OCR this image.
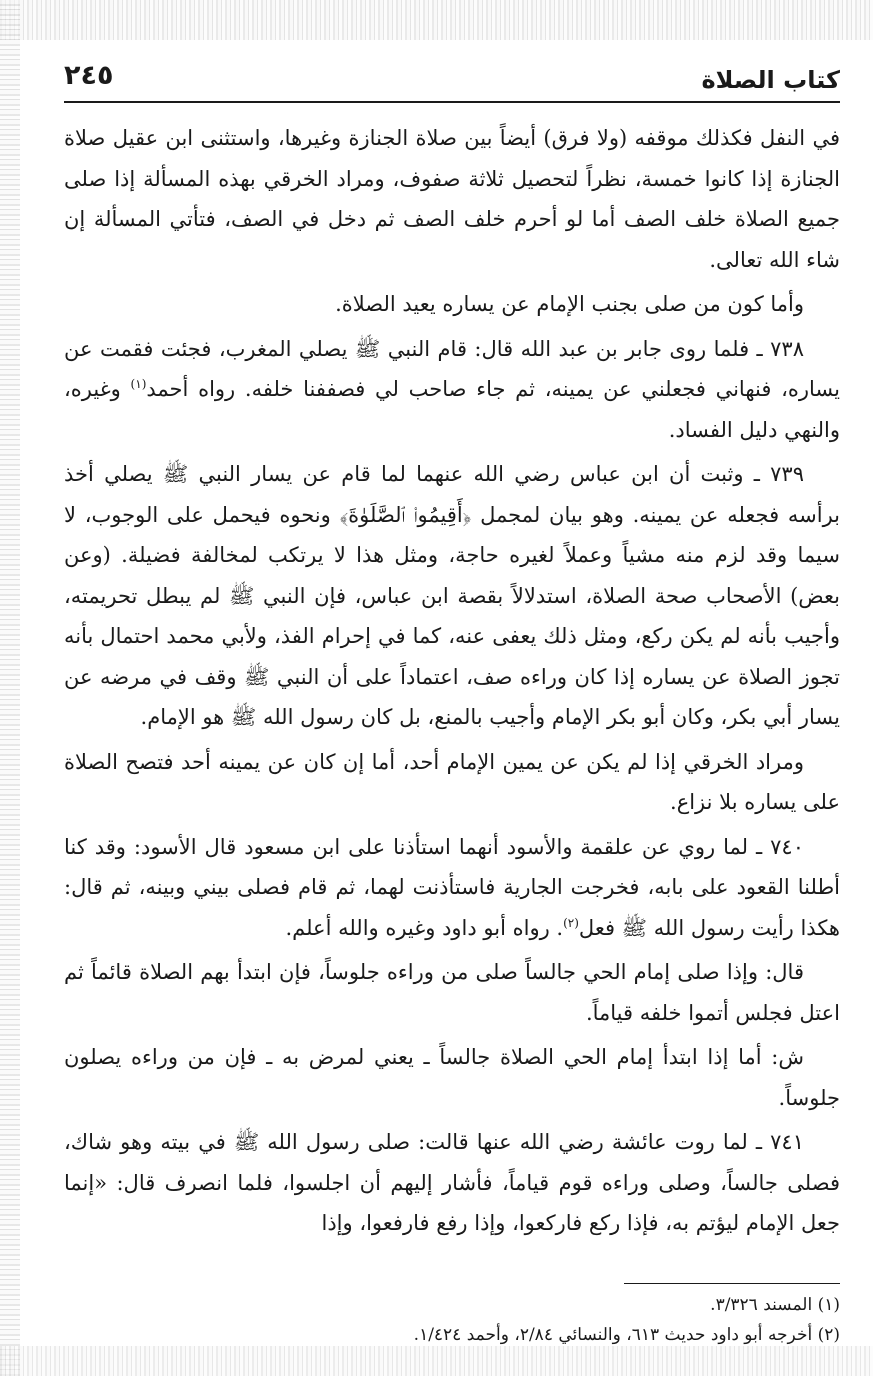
كتاب الصلاة
٢٤٥

في النفل فكذلك موقفه (ولا فرق) أيضاً بين صلاة الجنازة وغيرها، واستثنى ابن عقيل صلاة الجنازة إذا كانوا خمسة، نظراً لتحصيل ثلاثة صفوف، ومراد الخرقي بهذه المسألة إذا صلى جميع الصلاة خلف الصف أما لو أحرم خلف الصف ثم دخل في الصف، فتأتي المسألة إن شاء الله تعالى.

وأما كون من صلى بجنب الإمام عن يساره يعيد الصلاة.

٧٣٨ ـ فلما روى جابر بن عبد الله قال: قام النبي ﷺ يصلي المغرب، فجئت فقمت عن يساره، فنهاني فجعلني عن يمينه، ثم جاء صاحب لي فصففنا خلفه. رواه أحمد$^{(١)}$ وغيره، والنهي دليل الفساد.

٧٣٩ ـ وثبت أن ابن عباس رضي الله عنهما لما قام عن يسار النبي ﷺ يصلي أخذ برأسه فجعله عن يمينه. وهو بيان لمجمل ﴿أَقِيمُوا۟ ٱلصَّلَوٰةَ﴾ ونحوه فيحمل على الوجوب، لا سيما وقد لزم منه مشياً وعملاً لغيره حاجة، ومثل هذا لا يرتكب لمخالفة فضيلة. (وعن بعض) الأصحاب صحة الصلاة، استدلالاً بقصة ابن عباس، فإن النبي ﷺ لم يبطل تحريمته، وأجيب بأنه لم يكن ركع، ومثل ذلك يعفى عنه، كما في إحرام الفذ، ولأبي محمد احتمال بأنه تجوز الصلاة عن يساره إذا كان وراءه صف، اعتماداً على أن النبي ﷺ وقف في مرضه عن يسار أبي بكر، وكان أبو بكر الإمام وأجيب بالمنع، بل كان رسول الله ﷺ هو الإمام.

ومراد الخرقي إذا لم يكن عن يمين الإمام أحد، أما إن كان عن يمينه أحد فتصح الصلاة على يساره بلا نزاع.

٧٤٠ ـ لما روي عن علقمة والأسود أنهما استأذنا على ابن مسعود قال الأسود: وقد كنا أطلنا القعود على بابه، فخرجت الجارية فاستأذنت لهما، ثم قام فصلى بيني وبينه، ثم قال: هكذا رأيت رسول الله ﷺ فعل$^{(٢)}$. رواه أبو داود وغيره والله أعلم.

قال: وإذا صلى إمام الحي جالساً صلى من وراءه جلوساً، فإن ابتدأ بهم الصلاة قائماً ثم اعتل فجلس أتموا خلفه قياماً.

ش: أما إذا ابتدأ إمام الحي الصلاة جالساً ـ يعني لمرض به ـ فإن من وراءه يصلون جلوساً.

٧٤١ ـ لما روت عائشة رضي الله عنها قالت: صلى رسول الله ﷺ في بيته وهو شاك، فصلى جالساً، وصلى وراءه قوم قياماً، فأشار إليهم أن اجلسوا، فلما انصرف قال: «إنما جعل الإمام ليؤتم به، فإذا ركع فاركعوا، وإذا رفع فارفعوا، وإذا

(١) المسند ٣/٣٢٦.
(٢) أخرجه أبو داود حديث ٦١٣، والنسائي ٢/٨٤، وأحمد ١/٤٢٤.
